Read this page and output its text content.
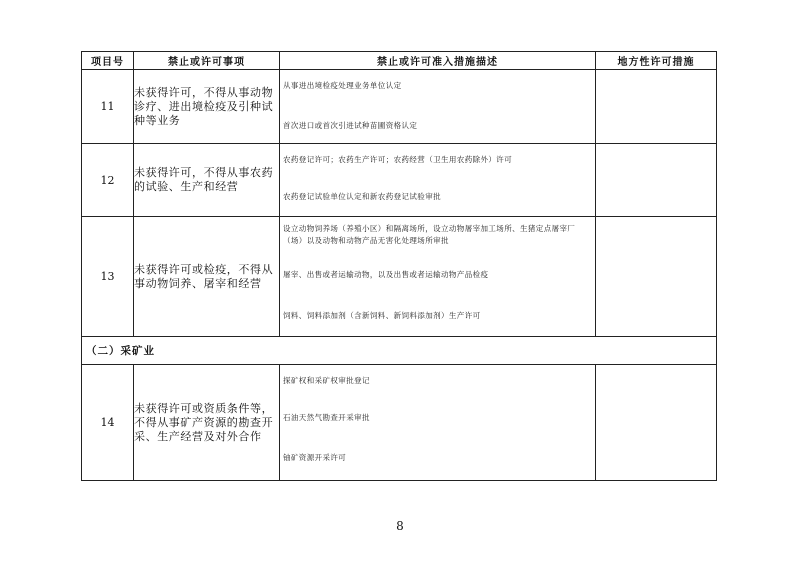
项目号	禁止或许可事项	禁止或许可准入措施描述	地方性许可措施
11	未获得许可，不得从事动物诊疗、进出境检疫及引种试种等业务	从事进出境检疫处理业务单位认定
首次进口或首次引进试种苗圃资格认定	

12	未获得许可，不得从事农药的试验、生产和经营	农药登记许可；农药生产许可；农药经营（卫生用农药除外）许可
农药登记试验单位认定和新农药登记试验审批	

13	未获得许可或检疫，不得从事动物饲养、屠宰和经营	设立动物饲养场（养殖小区）和隔离场所，设立动物屠宰加工场所、生猪定点屠宰厂（场）以及动物和动物产品无害化处理场所审批
屠宰、出售或者运输动物，以及出售或者运输动物产品检疫
饲料、饲料添加剂（含新饲料、新饲料添加剂）生产许可	

（二）采矿业			
14	未获得许可或资质条件等，不得从事矿产资源的勘查开采、生产经营及对外合作	探矿权和采矿权审批登记
石油天然气勘查开采审批
铀矿资源开采许可	

8
